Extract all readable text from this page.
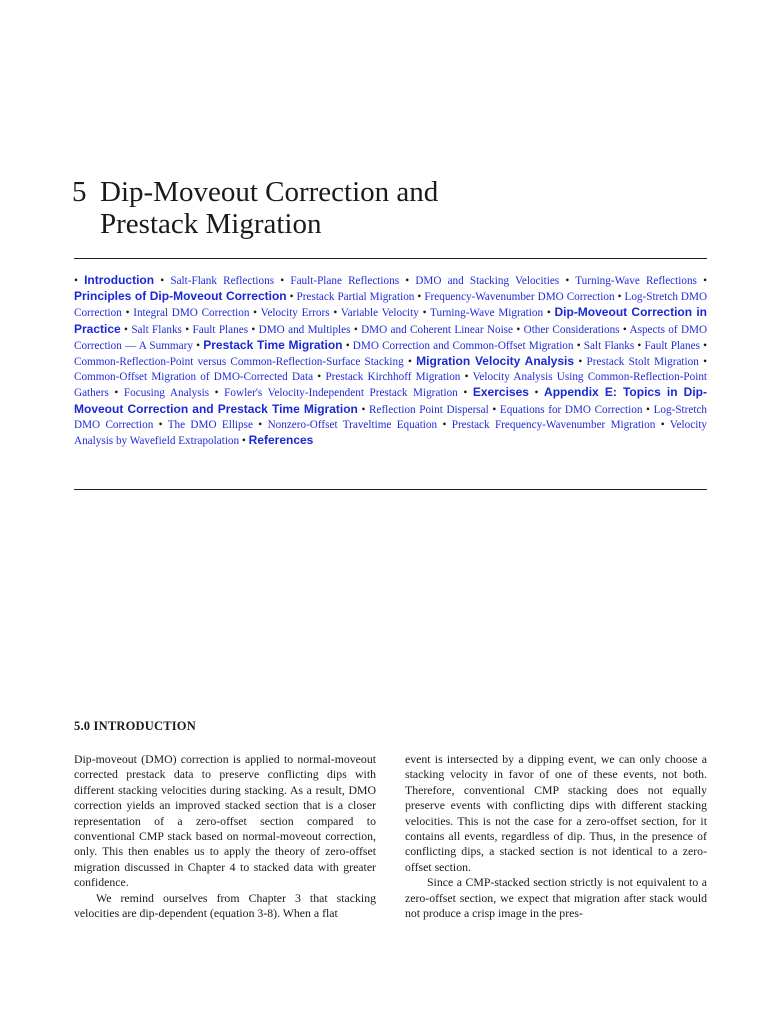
5 Dip-Moveout Correction and
Prestack Migration
• Introduction • Salt-Flank Reflections • Fault-Plane Reflections • DMO and Stacking Velocities • Turning-Wave Reflections • Principles of Dip-Moveout Correction • Prestack Partial Migration • Frequency-Wavenumber DMO Correction • Log-Stretch DMO Correction • Integral DMO Correction • Velocity Errors • Variable Velocity • Turning-Wave Migration • Dip-Moveout Correction in Practice • Salt Flanks • Fault Planes • DMO and Multiples • DMO and Coherent Linear Noise • Other Considerations • Aspects of DMO Correction — A Summary • Prestack Time Migration • DMO Correction and Common-Offset Migration • Salt Flanks • Fault Planes • Common-Reflection-Point versus Common-Reflection-Surface Stacking • Migration Velocity Analysis • Prestack Stolt Migration • Common-Offset Migration of DMO-Corrected Data • Prestack Kirchhoff Migration • Velocity Analysis Using Common-Reflection-Point Gathers • Focusing Analysis • Fowler's Velocity-Independent Prestack Migration • Exercises • Appendix E: Topics in Dip-Moveout Correction and Prestack Time Migration • Reflection Point Dispersal • Equations for DMO Correction • Log-Stretch DMO Correction • The DMO Ellipse • Nonzero-Offset Traveltime Equation • Prestack Frequency-Wavenumber Migration • Velocity Analysis by Wavefield Extrapolation • References
5.0 INTRODUCTION

Dip-moveout (DMO) correction is applied to normal-moveout corrected prestack data to preserve conflicting dips with different stacking velocities during stacking. As a result, DMO correction yields an improved stacked section that is a closer representation of a zero-offset section compared to conventional CMP stack based on normal-moveout correction, only. This then enables us to apply the theory of zero-offset migration discussed in Chapter 4 to stacked data with greater confidence.

We remind ourselves from Chapter 3 that stacking velocities are dip-dependent (equation 3-8). When a flat

event is intersected by a dipping event, we can only choose a stacking velocity in favor of one of these events, not both. Therefore, conventional CMP stacking does not equally preserve events with conflicting dips with different stacking velocities. This is not the case for a zero-offset section, for it contains all events, regardless of dip. Thus, in the presence of conflicting dips, a stacked section is not identical to a zero-offset section.

Since a CMP-stacked section strictly is not equivalent to a zero-offset section, we expect that migration after stack would not produce a crisp image in the pres-
